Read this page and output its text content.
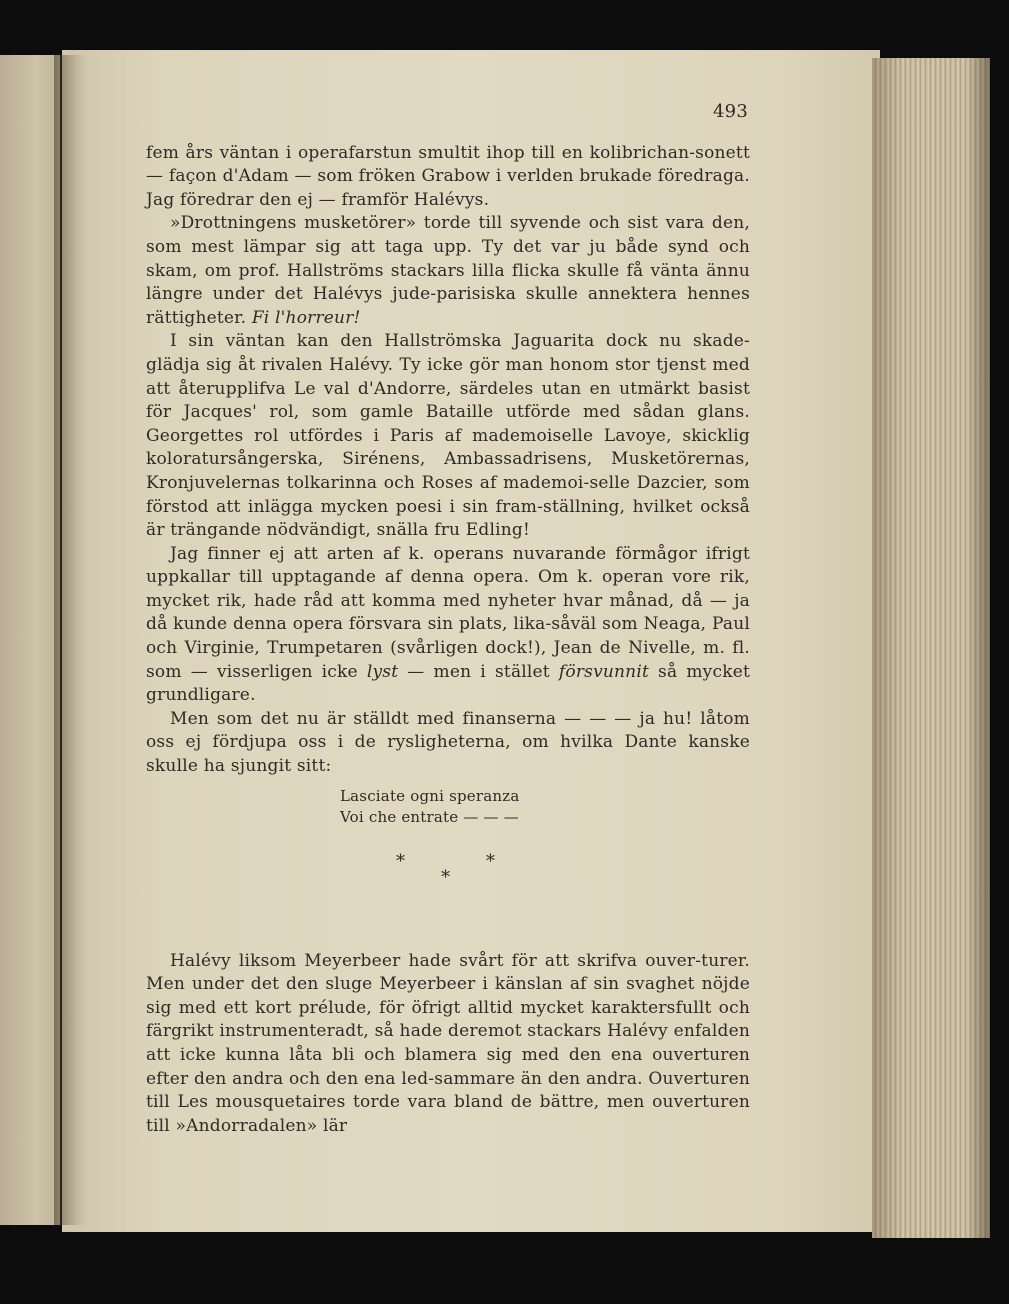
493

fem års väntan i operafarstun smultit ihop till en kolibrichan-sonett — façon d'Adam — som fröken Grabow i verlden brukade föredraga. Jag föredrar den ej — framför Halévys.

»Drottningens musketörer» torde till syvende och sist vara den, som mest lämpar sig att taga upp. Ty det var ju både synd och skam, om prof. Hallströms stackars lilla flicka skulle få vänta ännu längre under det Halévys jude-parisiska skulle annektera hennes rättigheter. Fi l'horreur!

I sin väntan kan den Hallströmska Jaguarita dock nu skade-glädja sig åt rivalen Halévy. Ty icke gör man honom stor tjenst med att återupplifva Le val d'Andorre, särdeles utan en utmärkt basist för Jacques' rol, som gamle Bataille utförde med sådan glans. Georgettes rol utfördes i Paris af mademoiselle Lavoye, skicklig koloratursångerska, Sirénens, Ambassadrisens, Musketörernas, Kronjuvelernas tolkarinna och Roses af mademoi-selle Dazcier, som förstod att inlägga mycken poesi i sin fram-ställning, hvilket också är trängande nödvändigt, snälla fru Edling!

Jag finner ej att arten af k. operans nuvarande förmågor ifrigt uppkallar till upptagande af denna opera. Om k. operan vore rik, mycket rik, hade råd att komma med nyheter hvar månad, då — ja då kunde denna opera försvara sin plats, lika-såväl som Neaga, Paul och Virginie, Trumpetaren (svårligen dock!), Jean de Nivelle, m. fl. som — visserligen icke lyst — men i stället försvunnit så mycket grundligare.

Men som det nu är ställdt med finanserna — — — ja hu! låtom oss ej fördjupa oss i de rysligheterna, om hvilka Dante kanske skulle ha sjungit sitt:

Lasciate ogni speranza
Voi che entrate — — —
*	*
*

Halévy liksom Meyerbeer hade svårt för att skrifva ouver-turer. Men under det den sluge Meyerbeer i känslan af sin svaghet nöjde sig med ett kort prélude, för öfrigt alltid mycket karaktersfullt och färgrikt instrumenteradt, så hade deremot stackars Halévy enfalden att icke kunna låta bli och blamera sig med den ena ouverturen efter den andra och den ena led-sammare än den andra. Ouverturen till Les mousquetaires torde vara bland de bättre, men ouverturen till »Andorradalen» lär
